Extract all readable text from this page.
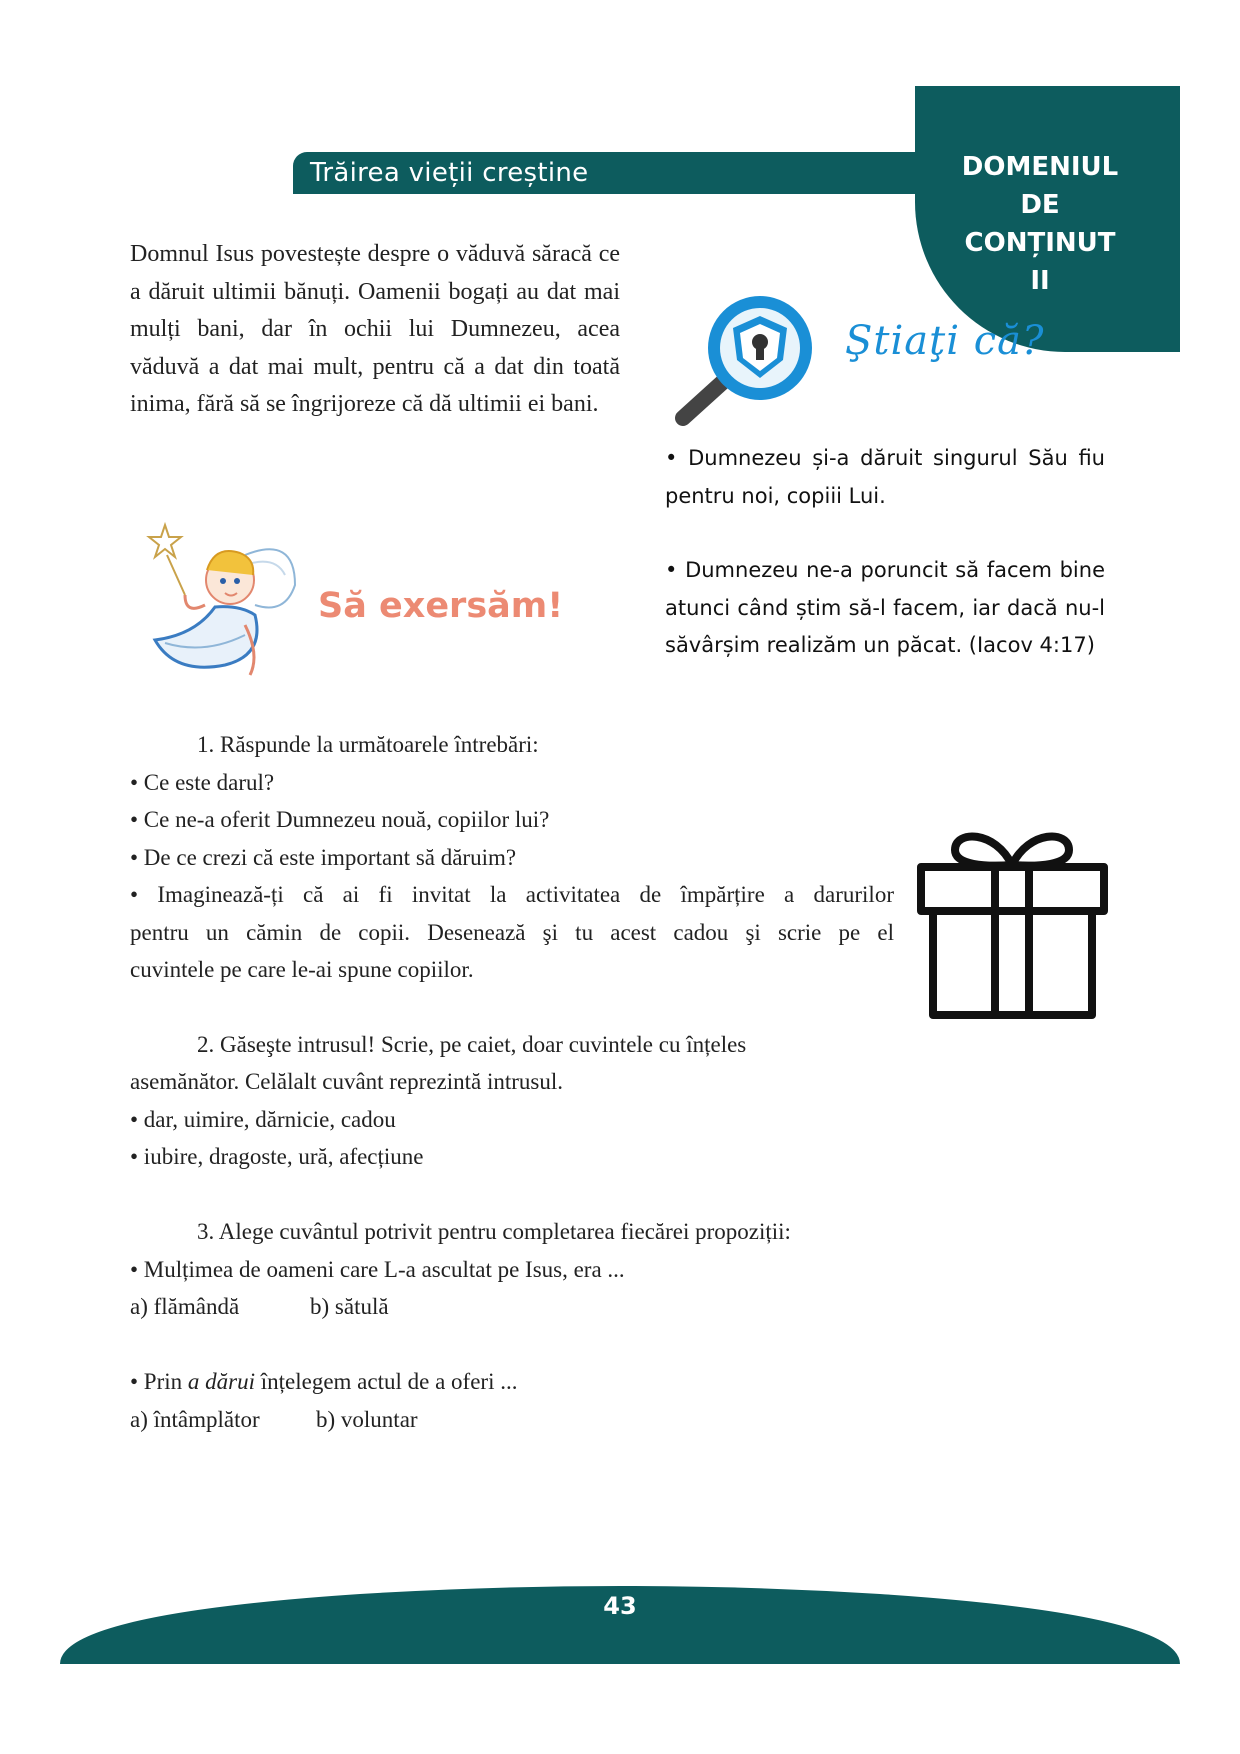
Trăirea vieții creștine	DOMENIUL
DE
CONȚINUT
II
Domnul Isus povestește despre o văduvă săracă ce a dăruit ultimii bănuți. Oamenii bogați au dat mai mulți bani, dar în ochii lui Dumnezeu, acea văduvă a dat mai mult, pentru că a dat din toată inima, fără să se îngrijoreze că dă ultimii ei bani.
Ştiaţi că?
• Dumnezeu și-a dăruit singurul Său fiu pentru noi, copiii Lui.
• Dumnezeu ne-a poruncit să facem bine atunci când știm să-l facem, iar dacă nu-l săvârșim realizăm un păcat. (Iacov 4:17)
Să exersăm!
1. Răspunde la următoarele întrebări:
• Ce este darul?
• Ce ne-a oferit Dumnezeu nouă, copiilor lui?
• De ce crezi că este important să dăruim?
• Imaginează-ți că ai fi invitat la activitatea de împărțire a darurilor
pentru un cămin de copii. Desenează şi tu acest cadou şi scrie pe el
cuvintele pe care le-ai spune copiilor.
2. Găseşte intrusul! Scrie, pe caiet, doar cuvintele cu înțeles
asemănător. Celălalt cuvânt reprezintă intrusul.
• dar, uimire, dărnicie, cadou
• iubire, dragoste, ură, afecțiune
3. Alege cuvântul potrivit pentru completarea fiecărei propoziții:
• Mulțimea de oameni care L-a ascultat pe Isus, era ...
a) flămândă	b) sătulă
• Prin a dărui înțelegem actul de a oferi ...
a) întâmplător b) voluntar
43
